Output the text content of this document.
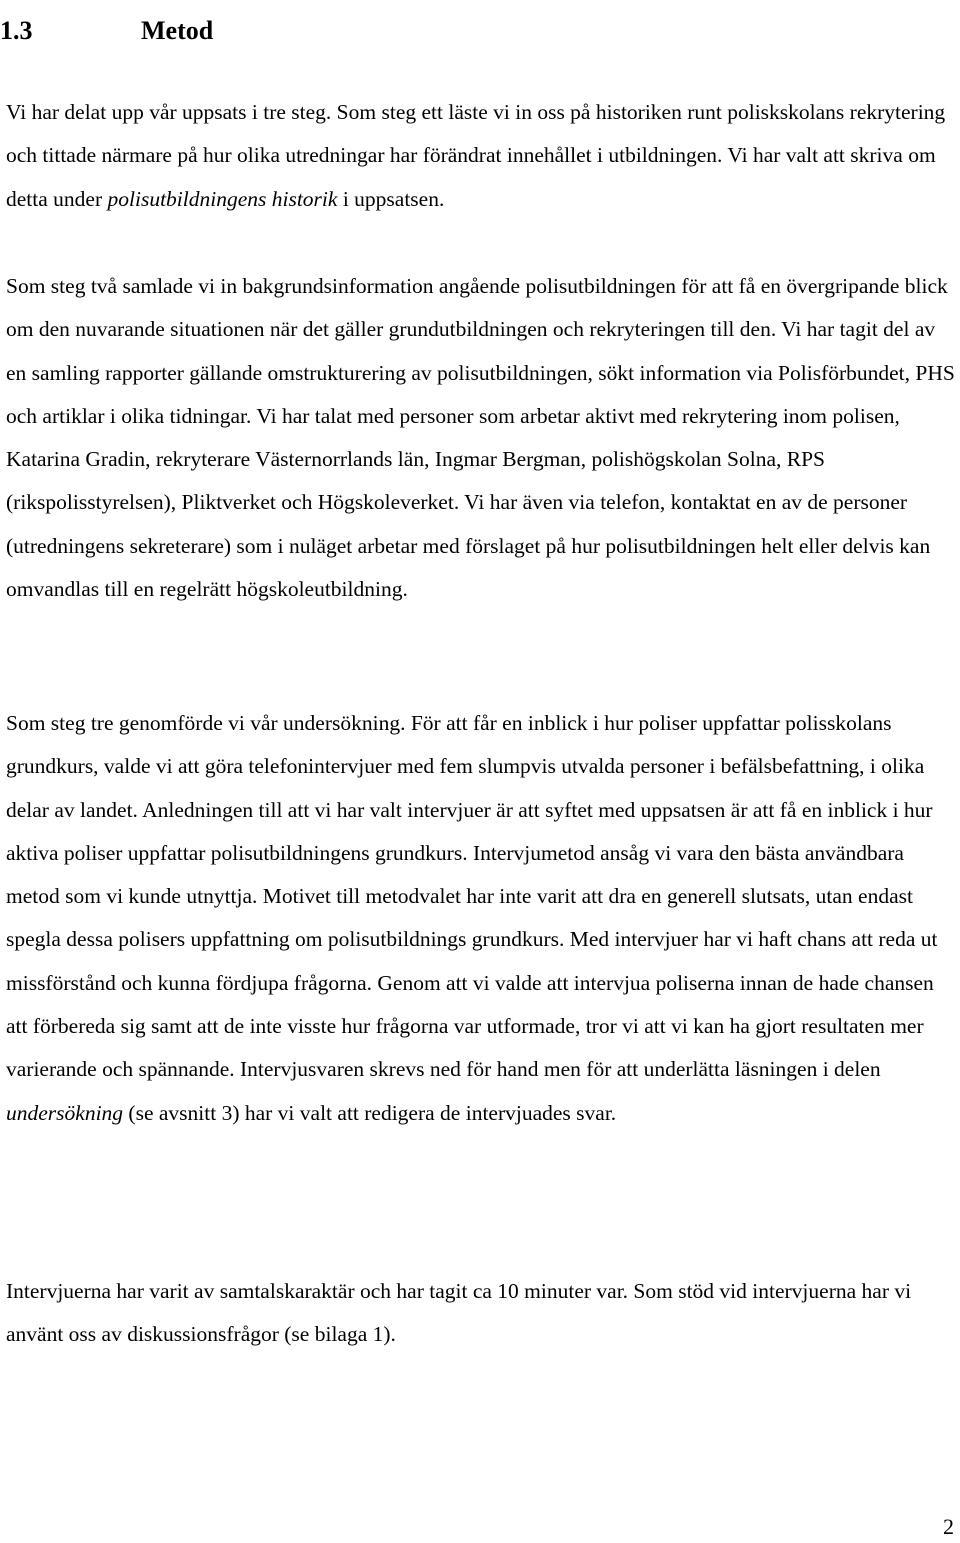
1.3	Metod

Vi har delat upp vår uppsats i tre steg. Som steg ett läste vi in oss på historiken runt poliskskolans rekrytering och tittade närmare på hur olika utredningar har förändrat innehållet i utbildningen. Vi har valt att skriva om detta under polisutbildningens historik i uppsatsen.

Som steg två samlade vi in bakgrundsinformation angående polisutbildningen för att få en övergripande blick om den nuvarande situationen när det gäller grundutbildningen och rekryteringen till den. Vi har tagit del av en samling rapporter gällande omstrukturering av polisutbildningen, sökt information via Polisförbundet, PHS och artiklar i olika tidningar. Vi har talat med personer som arbetar aktivt med rekrytering inom polisen, Katarina Gradin, rekryterare Västernorrlands län, Ingmar Bergman, polishögskolan Solna, RPS (rikspolisstyrelsen), Pliktverket och Högskoleverket. Vi har även via telefon, kontaktat en av de personer (utredningens sekreterare) som i nuläget arbetar med förslaget på hur polisutbildningen helt eller delvis kan omvandlas till en regelrätt högskoleutbildning.

Som steg tre genomförde vi vår undersökning. För att får en inblick i hur poliser uppfattar polisskolans grundkurs, valde vi att göra telefonintervjuer med fem slumpvis utvalda personer i befälsbefattning, i olika delar av landet. Anledningen till att vi har valt intervjuer är att syftet med uppsatsen är att få en inblick i hur aktiva poliser uppfattar polisutbildningens grundkurs. Intervjumetod ansåg vi vara den bästa användbara metod som vi kunde utnyttja. Motivet till metodvalet har inte varit att dra en generell slutsats, utan endast spegla dessa polisers uppfattning om polisutbildnings grundkurs. Med intervjuer har vi haft chans att reda ut missförstånd och kunna fördjupa frågorna. Genom att vi valde att intervjua poliserna innan de hade chansen att förbereda sig samt att de inte visste hur frågorna var utformade, tror vi att vi kan ha gjort resultaten mer varierande och spännande. Intervjusvaren skrevs ned för hand men för att underlätta läsningen i delen undersökning (se avsnitt 3) har vi valt att redigera de intervjuades svar.

Intervjuerna har varit av samtalskaraktär och har tagit ca 10 minuter var. Som stöd vid intervjuerna har vi använt oss av diskussionsfrågor (se bilaga 1).

2
